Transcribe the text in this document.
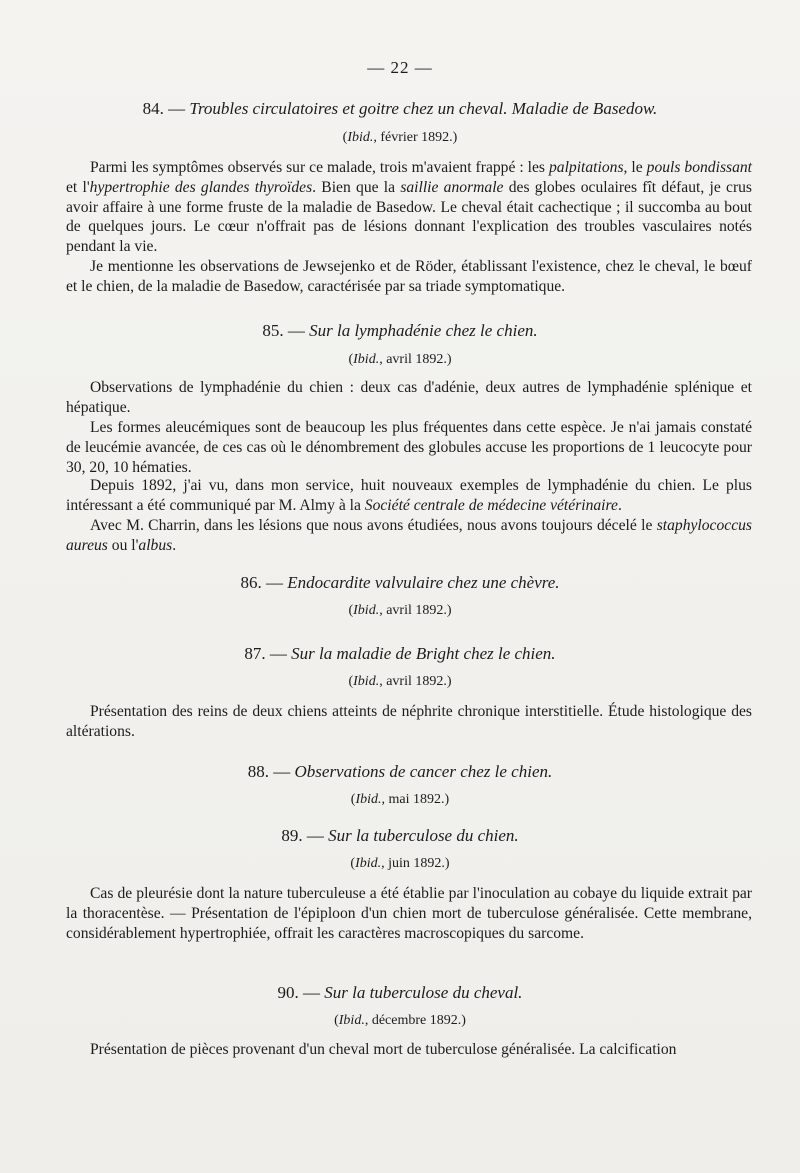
— 22 —
84. — Troubles circulatoires et goitre chez un cheval. Maladie de Basedow.
(Ibid., février 1892.)
Parmi les symptômes observés sur ce malade, trois m'avaient frappé : les palpitations, le pouls bondissant et l'hypertrophie des glandes thyroïdes. Bien que la saillie anormale des globes oculaires fît défaut, je crus avoir affaire à une forme fruste de la maladie de Basedow. Le cheval était cachectique ; il succomba au bout de quelques jours. Le cœur n'offrait pas de lésions donnant l'explication des troubles vasculaires notés pendant la vie.
Je mentionne les observations de Jewsejenko et de Röder, établissant l'existence, chez le cheval, le bœuf et le chien, de la maladie de Basedow, caractérisée par sa triade symptomatique.
85. — Sur la lymphadénie chez le chien.
(Ibid., avril 1892.)
Observations de lymphadénie du chien : deux cas d'adénie, deux autres de lymphadénie splénique et hépatique.
Les formes aleucémiques sont de beaucoup les plus fréquentes dans cette espèce. Je n'ai jamais constaté de leucémie avancée, de ces cas où le dénombrement des globules accuse les proportions de 1 leucocyte pour 30, 20, 10 hématies.
Depuis 1892, j'ai vu, dans mon service, huit nouveaux exemples de lymphadénie du chien. Le plus intéressant a été communiqué par M. Almy à la Société centrale de médecine vétérinaire.
Avec M. Charrin, dans les lésions que nous avons étudiées, nous avons toujours décelé le staphylococcus aureus ou l'albus.
86. — Endocardite valvulaire chez une chèvre.
(Ibid., avril 1892.)
87. — Sur la maladie de Bright chez le chien.
(Ibid., avril 1892.)
Présentation des reins de deux chiens atteints de néphrite chronique interstitielle. Étude histologique des altérations.
88. — Observations de cancer chez le chien.
(Ibid., mai 1892.)
89. — Sur la tuberculose du chien.
(Ibid., juin 1892.)
Cas de pleurésie dont la nature tuberculeuse a été établie par l'inoculation au cobaye du liquide extrait par la thoracentèse. — Présentation de l'épiploon d'un chien mort de tuberculose généralisée. Cette membrane, considérablement hypertrophiée, offrait les caractères macroscopiques du sarcome.
90. — Sur la tuberculose du cheval.
(Ibid., décembre 1892.)
Présentation de pièces provenant d'un cheval mort de tuberculose généralisée. La calcification
